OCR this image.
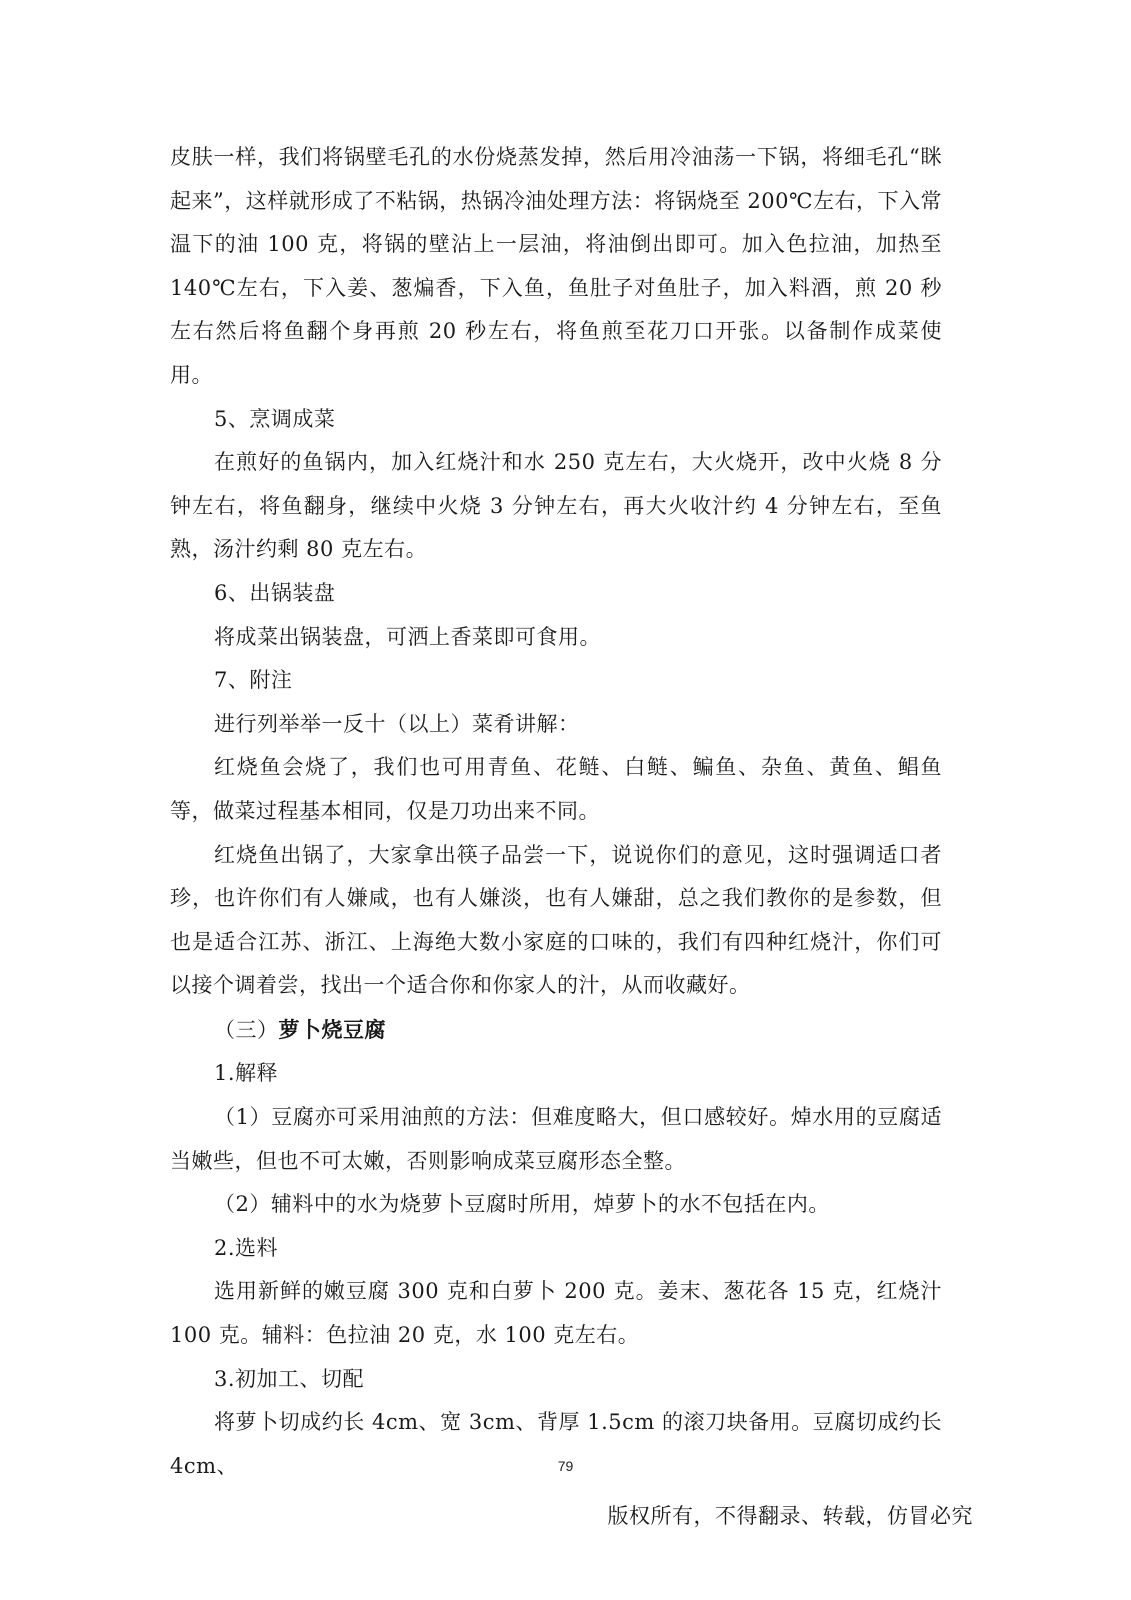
皮肤一样，我们将锅壁毛孔的水份烧蒸发掉，然后用冷油荡一下锅，将细毛孔“眯起来”，这样就形成了不粘锅，热锅冷油处理方法：将锅烧至 200℃左右，下入常温下的油 100 克，将锅的壁沾上一层油，将油倒出即可。加入色拉油，加热至 140℃左右，下入姜、葱煸香，下入鱼，鱼肚子对鱼肚子，加入料酒，煎 20 秒左右然后将鱼翻个身再煎 20 秒左右，将鱼煎至花刀口开张。以备制作成菜使用。

5、烹调成菜

在煎好的鱼锅内，加入红烧汁和水 250 克左右，大火烧开，改中火烧 8 分钟左右，将鱼翻身，继续中火烧 3 分钟左右，再大火收汁约 4 分钟左右，至鱼熟，汤汁约剩 80 克左右。

6、出锅装盘

将成菜出锅装盘，可洒上香菜即可食用。

7、附注

进行列举举一反十（以上）菜肴讲解：

红烧鱼会烧了，我们也可用青鱼、花鲢、白鲢、鳊鱼、杂鱼、黄鱼、鲳鱼等，做菜过程基本相同，仅是刀功出来不同。

红烧鱼出锅了，大家拿出筷子品尝一下，说说你们的意见，这时强调适口者珍，也许你们有人嫌咸，也有人嫌淡，也有人嫌甜，总之我们教你的是参数，但也是适合江苏、浙江、上海绝大数小家庭的口味的，我们有四种红烧汁，你们可以接个调着尝，找出一个适合你和你家人的汁，从而收藏好。

（三）萝卜烧豆腐

1.解释

（1）豆腐亦可采用油煎的方法：但难度略大，但口感较好。焯水用的豆腐适当嫩些，但也不可太嫩，否则影响成菜豆腐形态全整。

（2）辅料中的水为烧萝卜豆腐时所用，焯萝卜的水不包括在内。

2.选料

选用新鲜的嫩豆腐 300 克和白萝卜 200 克。姜末、葱花各 15 克，红烧汁 100 克。辅料：色拉油 20 克，水 100 克左右。

3.初加工、切配

将萝卜切成约长 4cm、宽 3cm、背厚 1.5cm 的滚刀块备用。豆腐切成约长 4cm、	79
版权所有，不得翻录、转载，仿冒必究
